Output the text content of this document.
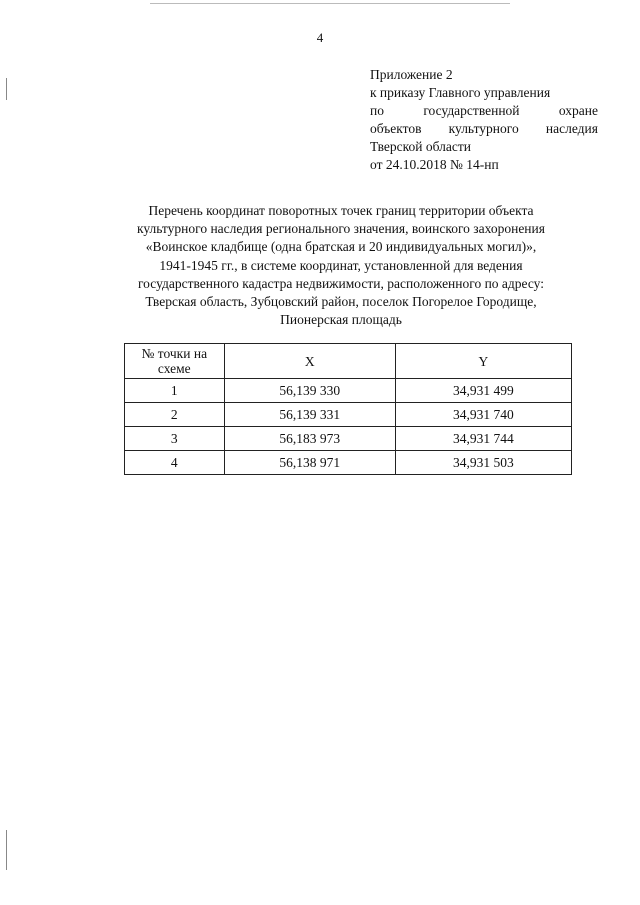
4
Приложение 2
к приказу Главного управления
по	государственной	охране
объектов культурного наследия
Тверской области
от 24.10.2018 № 14-нп
Перечень координат поворотных точек границ территории объекта
культурного наследия регионального значения, воинского захоронения
«Воинское кладбище (одна братская и 20 индивидуальных могил)»,
1941-1945 гг., в системе координат, установленной для ведения
государственного кадастра недвижимости, расположенного по адресу:
Тверская область, Зубцовский район, поселок Погорелое Городище,
Пионерская площадь
№ точки на
схеме	X	Y
1	56,139 330	34,931 499
2	56,139 331	34,931 740
3	56,183 973	34,931 744
4	56,138 971	34,931 503
